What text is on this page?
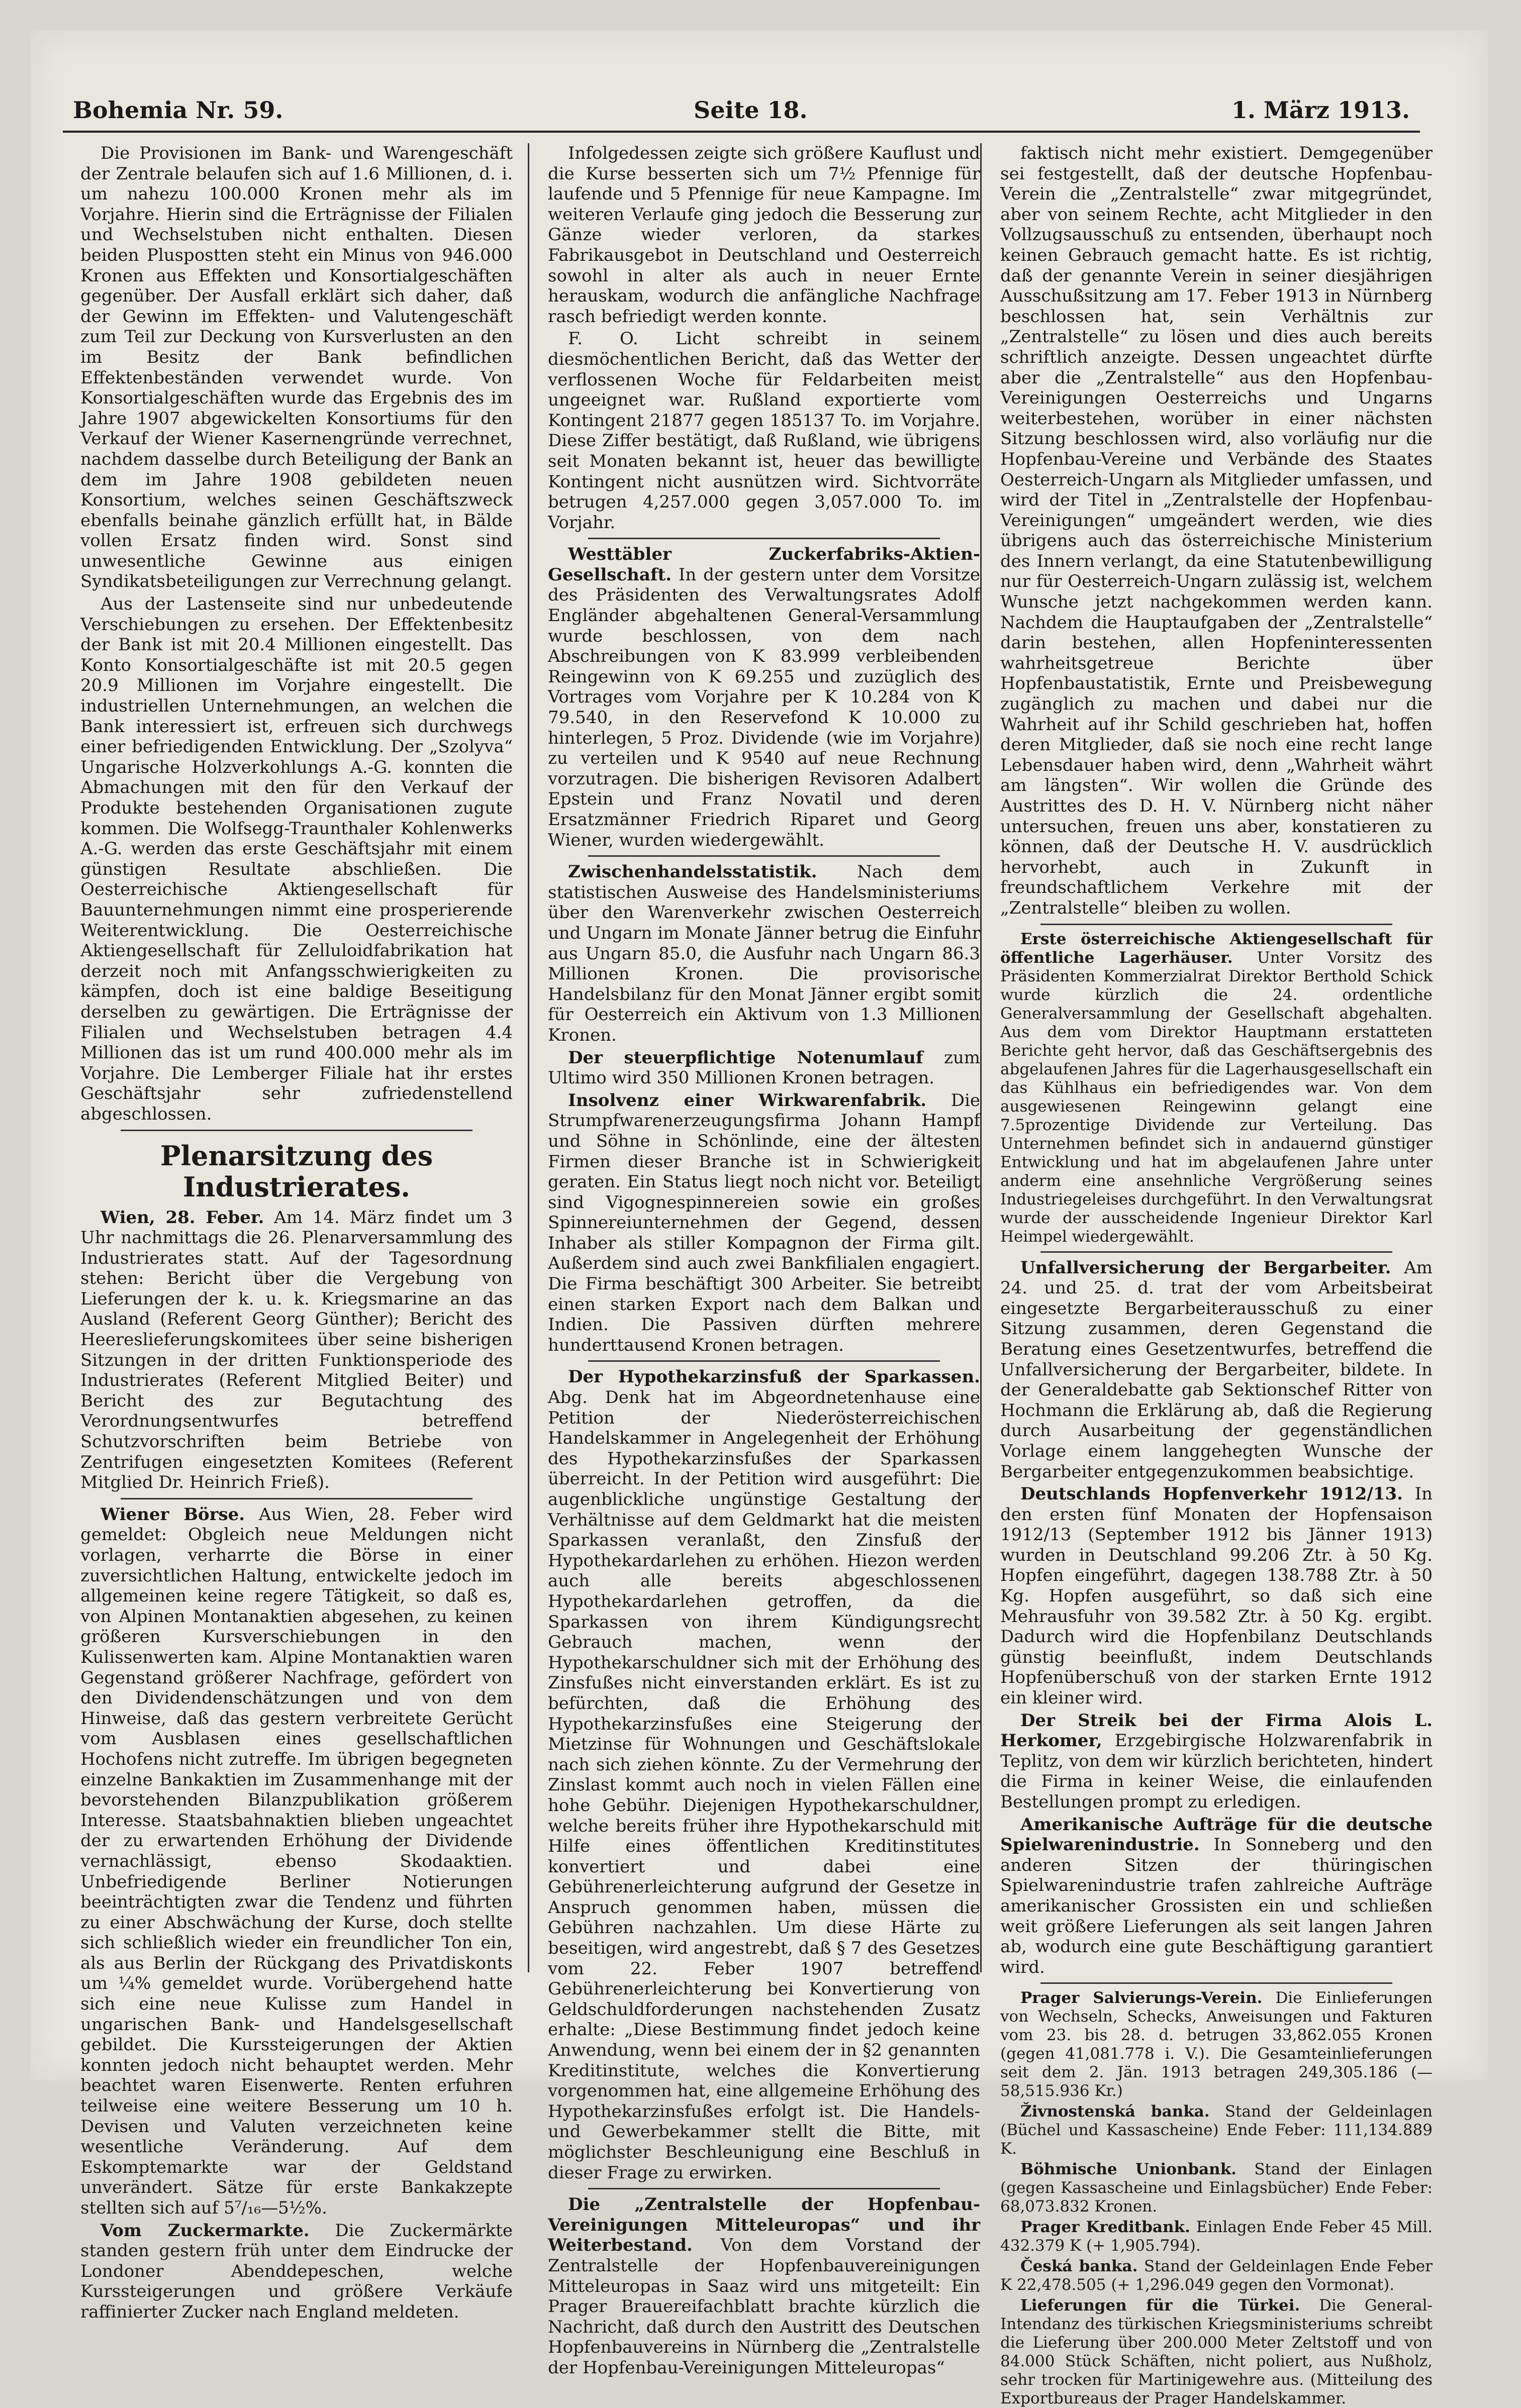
Bohemia Nr. 59.	Seite 18.	1. März 1913.

Die Provisionen im Bank- und Warengeschäft der Zentrale belaufen sich auf 1.6 Millionen, d. i. um nahezu 100.000 Kronen mehr als im Vorjahre. Hierin sind die Erträgnisse der Filialen und Wechselstuben nicht enthalten. Diesen beiden Pluspostten steht ein Minus von 946.000 Kronen aus Effekten und Konsortialgeschäften gegenüber. Der Ausfall erklärt sich daher, daß der Gewinn im Effekten- und Valutengeschäft zum Teil zur Deckung von Kursverlusten an den im Besitz der Bank befindlichen Effektenbeständen verwendet wurde. Von Konsortialgeschäften wurde das Ergebnis des im Jahre 1907 abgewickelten Konsortiums für den Verkauf der Wiener Kasernengründe verrechnet, nachdem dasselbe durch Beteiligung der Bank an dem im Jahre 1908 gebildeten neuen Konsortium, welches seinen Geschäftszweck ebenfalls beinahe gänzlich erfüllt hat, in Bälde vollen Ersatz finden wird. Sonst sind unwesentliche Gewinne aus einigen Syndikatsbeteiligungen zur Verrechnung gelangt.

Aus der Lastenseite sind nur unbedeutende Verschiebungen zu ersehen. Der Effektenbesitz der Bank ist mit 20.4 Millionen eingestellt. Das Konto Konsortialgeschäfte ist mit 20.5 gegen 20.9 Millionen im Vorjahre eingestellt. Die industriellen Unternehmungen, an welchen die Bank interessiert ist, erfreuen sich durchwegs einer befriedigenden Entwicklung. Der „Szolyva“ Ungarische Holzverkohlungs A.-G. konnten die Abmachungen mit den für den Verkauf der Produkte bestehenden Organisationen zugute kommen. Die Wolfsegg-Traunthaler Kohlenwerks A.-G. werden das erste Geschäftsjahr mit einem günstigen Resultate abschließen. Die Oesterreichische Aktiengesellschaft für Bauunternehmungen nimmt eine prosperierende Weiterentwicklung. Die Oesterreichische Aktiengesellschaft für Zelluloidfabrikation hat derzeit noch mit Anfangsschwierigkeiten zu kämpfen, doch ist eine baldige Beseitigung derselben zu gewärtigen. Die Erträgnisse der Filialen und Wechselstuben betragen 4.4 Millionen das ist um rund 400.000 mehr als im Vorjahre. Die Lemberger Filiale hat ihr erstes Geschäftsjahr sehr zufriedenstellend abgeschlossen.

Plenarsitzung des Industrierates.

Wien, 28. Feber. Am 14. März findet um 3 Uhr nachmittags die 26. Plenarversammlung des Industrierates statt. Auf der Tagesordnung stehen: Bericht über die Vergebung von Lieferungen der k. u. k. Kriegsmarine an das Ausland (Referent Georg Günther); Bericht des Heereslieferungskomitees über seine bisherigen Sitzungen in der dritten Funktionsperiode des Industrierates (Referent Mitglied Beiter) und Bericht des zur Begutachtung des Verordnungsentwurfes betreffend Schutzvorschriften beim Betriebe von Zentrifugen eingesetzten Komitees (Referent Mitglied Dr. Heinrich Frieß).

Wiener Börse. Aus Wien, 28. Feber wird gemeldet: Obgleich neue Meldungen nicht vorlagen, verharrte die Börse in einer zuversichtlichen Haltung, entwickelte jedoch im allgemeinen keine regere Tätigkeit, so daß es, von Alpinen Montanaktien abgesehen, zu keinen größeren Kursverschiebungen in den Kulissenwerten kam. Alpine Montanaktien waren Gegenstand größerer Nachfrage, gefördert von den Dividendenschätzungen und von dem Hinweise, daß das gestern verbreitete Gerücht vom Ausblasen eines gesellschaftlichen Hochofens nicht zutreffe. Im übrigen begegneten einzelne Bankaktien im Zusammenhange mit der bevorstehenden Bilanzpublikation größerem Interesse. Staatsbahnaktien blieben ungeachtet der zu erwartenden Erhöhung der Dividende vernachlässigt, ebenso Skodaaktien. Unbefriedigende Berliner Notierungen beeinträchtigten zwar die Tendenz und führten zu einer Abschwächung der Kurse, doch stellte sich schließlich wieder ein freundlicher Ton ein, als aus Berlin der Rückgang des Privatdiskonts um ¼% gemeldet wurde. Vorübergehend hatte sich eine neue Kulisse zum Handel in ungarischen Bank- und Handelsgesellschaft gebildet. Die Kurssteigerungen der Aktien konnten jedoch nicht behauptet werden. Mehr beachtet waren Eisenwerte. Renten erfuhren teilweise eine weitere Besserung um 10 h. Devisen und Valuten verzeichneten keine wesentliche Veränderung. Auf dem Eskomptemarkte war der Geldstand unverändert. Sätze für erste Bankakzepte stellten sich auf 5⁷/₁₆—5½%.

Vom Zuckermarkte. Die Zuckermärkte standen gestern früh unter dem Eindrucke der Londoner Abenddepeschen, welche Kurssteigerungen und größere Verkäufe raffinierter Zucker nach England meldeten.

Infolgedessen zeigte sich größere Kauflust und die Kurse besserten sich um 7½ Pfennige für laufende und 5 Pfennige für neue Kampagne. Im weiteren Verlaufe ging jedoch die Besserung zur Gänze wieder verloren, da starkes Fabrikausgebot in Deutschland und Oesterreich sowohl in alter als auch in neuer Ernte herauskam, wodurch die anfängliche Nachfrage rasch befriedigt werden konnte.

F. O. Licht schreibt in seinem diesmöchentlichen Bericht, daß das Wetter der verflossenen Woche für Feldarbeiten meist ungeeignet war. Rußland exportierte vom Kontingent 21877 gegen 185137 To. im Vorjahre. Diese Ziffer bestätigt, daß Rußland, wie übrigens seit Monaten bekannt ist, heuer das bewilligte Kontingent nicht ausnützen wird. Sichtvorräte betrugen 4,257.000 gegen 3,057.000 To. im Vorjahr.

Westtäbler Zuckerfabriks-Aktien-Gesellschaft. In der gestern unter dem Vorsitze des Präsidenten des Verwaltungsrates Adolf Engländer abgehaltenen General-Versammlung wurde beschlossen, von dem nach Abschreibungen von K 83.999 verbleibenden Reingewinn von K 69.255 und zuzüglich des Vortrages vom Vorjahre per K 10.284 von K 79.540, in den Reservefond K 10.000 zu hinterlegen, 5 Proz. Dividende (wie im Vorjahre) zu verteilen und K 9540 auf neue Rechnung vorzutragen. Die bisherigen Revisoren Adalbert Epstein und Franz Novatil und deren Ersatzmänner Friedrich Riparet und Georg Wiener, wurden wiedergewählt.

Zwischenhandelsstatistik. Nach dem statistischen Ausweise des Handelsministeriums über den Warenverkehr zwischen Oesterreich und Ungarn im Monate Jänner betrug die Einfuhr aus Ungarn 85.0, die Ausfuhr nach Ungarn 86.3 Millionen Kronen. Die provisorische Handelsbilanz für den Monat Jänner ergibt somit für Oesterreich ein Aktivum von 1.3 Millionen Kronen.

Der steuerpflichtige Notenumlauf zum Ultimo wird 350 Millionen Kronen betragen.

Insolvenz einer Wirkwarenfabrik. Die Strumpfwarenerzeugungsfirma Johann Hampf und Söhne in Schönlinde, eine der ältesten Firmen dieser Branche ist in Schwierigkeit geraten. Ein Status liegt noch nicht vor. Beteiligt sind Vigognespinnereien sowie ein großes Spinnereiunternehmen der Gegend, dessen Inhaber als stiller Kompagnon der Firma gilt. Außerdem sind auch zwei Bankfilialen engagiert. Die Firma beschäftigt 300 Arbeiter. Sie betreibt einen starken Export nach dem Balkan und Indien. Die Passiven dürften mehrere hunderttausend Kronen betragen.

Der Hypothekarzinsfuß der Sparkassen. Abg. Denk hat im Abgeordnetenhause eine Petition der Niederösterreichischen Handelskammer in Angelegenheit der Erhöhung des Hypothekarzinsfußes der Sparkassen überreicht. In der Petition wird ausgeführt: Die augenblickliche ungünstige Gestaltung der Verhältnisse auf dem Geldmarkt hat die meisten Sparkassen veranlaßt, den Zinsfuß der Hypothekardarlehen zu erhöhen. Hiezon werden auch alle bereits abgeschlossenen Hypothekardarlehen getroffen, da die Sparkassen von ihrem Kündigungsrecht Gebrauch machen, wenn der Hypothekarschuldner sich mit der Erhöhung des Zinsfußes nicht einverstanden erklärt. Es ist zu befürchten, daß die Erhöhung des Hypothekarzinsfußes eine Steigerung der Mietzinse für Wohnungen und Geschäftslokale nach sich ziehen könnte. Zu der Vermehrung der Zinslast kommt auch noch in vielen Fällen eine hohe Gebühr. Diejenigen Hypothekarschuldner, welche bereits früher ihre Hypothekarschuld mit Hilfe eines öffentlichen Kreditinstitutes konvertiert und dabei eine Gebührenerleichterung aufgrund der Gesetze in Anspruch genommen haben, müssen die Gebühren nachzahlen. Um diese Härte zu beseitigen, wird angestrebt, daß § 7 des Gesetzes vom 22. Feber 1907 betreffend Gebührenerleichterung bei Konvertierung von Geldschuldforderungen nachstehenden Zusatz erhalte: „Diese Bestimmung findet jedoch keine Anwendung, wenn bei einem der in §2 genannten Kreditinstitute, welches die Konvertierung vorgenommen hat, eine allgemeine Erhöhung des Hypothekarzinsfußes erfolgt ist. Die Handels- und Gewerbekammer stellt die Bitte, mit möglichster Beschleunigung eine Beschluß in dieser Frage zu erwirken.

Die „Zentralstelle der Hopfenbau-Vereinigungen Mitteleuropas“ und ihr Weiterbestand. Von dem Vorstand der Zentralstelle der Hopfenbauvereinigungen Mitteleuropas in Saaz wird uns mitgeteilt: Ein Prager Brauereifachblatt brachte kürzlich die Nachricht, daß durch den Austritt des Deutschen Hopfenbauvereins in Nürnberg die „Zentralstelle der Hopfenbau-Vereinigungen Mitteleuropas“

faktisch nicht mehr existiert. Demgegenüber sei festgestellt, daß der deutsche Hopfenbau-Verein die „Zentralstelle“ zwar mitgegründet, aber von seinem Rechte, acht Mitglieder in den Vollzugsausschuß zu entsenden, überhaupt noch keinen Gebrauch gemacht hatte. Es ist richtig, daß der genannte Verein in seiner diesjährigen Ausschußsitzung am 17. Feber 1913 in Nürnberg beschlossen hat, sein Verhältnis zur „Zentralstelle“ zu lösen und dies auch bereits schriftlich anzeigte. Dessen ungeachtet dürfte aber die „Zentralstelle“ aus den Hopfenbau-Vereinigungen Oesterreichs und Ungarns weiterbestehen, worüber in einer nächsten Sitzung beschlossen wird, also vorläufig nur die Hopfenbau-Vereine und Verbände des Staates Oesterreich-Ungarn als Mitglieder umfassen, und wird der Titel in „Zentralstelle der Hopfenbau-Vereinigungen“ umgeändert werden, wie dies übrigens auch das österreichische Ministerium des Innern verlangt, da eine Statutenbewilligung nur für Oesterreich-Ungarn zulässig ist, welchem Wunsche jetzt nachgekommen werden kann. Nachdem die Hauptaufgaben der „Zentralstelle“ darin bestehen, allen Hopfeninteressenten wahrheitsgetreue Berichte über Hopfenbaustatistik, Ernte und Preisbewegung zugänglich zu machen und dabei nur die Wahrheit auf ihr Schild geschrieben hat, hoffen deren Mitglieder, daß sie noch eine recht lange Lebensdauer haben wird, denn „Wahrheit währt am längsten“. Wir wollen die Gründe des Austrittes des D. H. V. Nürnberg nicht näher untersuchen, freuen uns aber, konstatieren zu können, daß der Deutsche H. V. ausdrücklich hervorhebt, auch in Zukunft in freundschaftlichem Verkehre mit der „Zentralstelle“ bleiben zu wollen.

Erste österreichische Aktiengesellschaft für öffentliche Lagerhäuser. Unter Vorsitz des Präsidenten Kommerzialrat Direktor Berthold Schick wurde kürzlich die 24. ordentliche Generalversammlung der Gesellschaft abgehalten. Aus dem vom Direktor Hauptmann erstatteten Berichte geht hervor, daß das Geschäftsergebnis des abgelaufenen Jahres für die Lagerhausgesellschaft ein das Kühlhaus ein befriedigendes war. Von dem ausgewiesenen Reingewinn gelangt eine 7.5prozentige Dividende zur Verteilung. Das Unternehmen befindet sich in andauernd günstiger Entwicklung und hat im abgelaufenen Jahre unter anderm eine ansehnliche Vergrößerung seines Industriegeleises durchgeführt. In den Verwaltungsrat wurde der ausscheidende Ingenieur Direktor Karl Heimpel wiedergewählt.

Unfallversicherung der Bergarbeiter. Am 24. und 25. d. trat der vom Arbeitsbeirat eingesetzte Bergarbeiterausschuß zu einer Sitzung zusammen, deren Gegenstand die Beratung eines Gesetzentwurfes, betreffend die Unfallversicherung der Bergarbeiter, bildete. In der Generaldebatte gab Sektionschef Ritter von Hochmann die Erklärung ab, daß die Regierung durch Ausarbeitung der gegenständlichen Vorlage einem langgehegten Wunsche der Bergarbeiter entgegenzukommen beabsichtige.

Deutschlands Hopfenverkehr 1912/13. In den ersten fünf Monaten der Hopfensaison 1912/13 (September 1912 bis Jänner 1913) wurden in Deutschland 99.206 Ztr. à 50 Kg. Hopfen eingeführt, dagegen 138.788 Ztr. à 50 Kg. Hopfen ausgeführt, so daß sich eine Mehrausfuhr von 39.582 Ztr. à 50 Kg. ergibt. Dadurch wird die Hopfenbilanz Deutschlands günstig beeinflußt, indem Deutschlands Hopfenüberschuß von der starken Ernte 1912 ein kleiner wird.

Der Streik bei der Firma Alois L. Herkomer, Erzgebirgische Holzwarenfabrik in Teplitz, von dem wir kürzlich berichteten, hindert die Firma in keiner Weise, die einlaufenden Bestellungen prompt zu erledigen.

Amerikanische Aufträge für die deutsche Spielwarenindustrie. In Sonneberg und den anderen Sitzen der thüringischen Spielwarenindustrie trafen zahlreiche Aufträge amerikanischer Grossisten ein und schließen weit größere Lieferungen als seit langen Jahren ab, wodurch eine gute Beschäftigung garantiert wird.

Prager Salvierungs-Verein. Die Einlieferungen von Wechseln, Schecks, Anweisungen und Fakturen vom 23. bis 28. d. betrugen 33,862.055 Kronen (gegen 41,081.778 i. V.). Die Gesamteinlieferungen seit dem 2. Jän. 1913 betragen 249,305.186 (— 58,515.936 Kr.)

Živnostenská banka. Stand der Geldeinlagen (Büchel und Kassascheine) Ende Feber: 111,134.889 K.

Böhmische Unionbank. Stand der Einlagen (gegen Kassascheine und Einlagsbücher) Ende Feber: 68,073.832 Kronen.

Prager Kreditbank. Einlagen Ende Feber 45 Mill. 432.379 K (+ 1,905.794).

Česká banka. Stand der Geldeinlagen Ende Feber K 22,478.505 (+ 1,296.049 gegen den Vormonat).

Lieferungen für die Türkei. Die General-Intendanz des türkischen Kriegsministeriums schreibt die Lieferung über 200.000 Meter Zeltstoff und von 84.000 Stück Schäften, nicht poliert, aus Nußholz, sehr trocken für Martinigewehre aus. (Mitteilung des Exportbureaus der Prager Handelskammer.
